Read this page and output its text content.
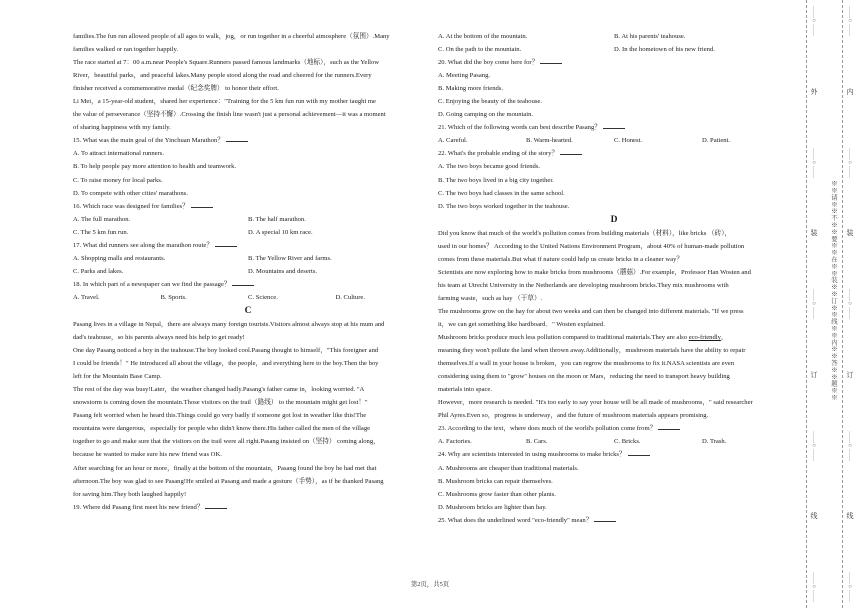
families.The fun run allowed people of all ages to walk，jog，or run together in a cheerful atmosphere（氛围）.Many
families walked or ran together happily.
The race started at 7：00 a.m.near People's Square.Runners passed famous landmarks（地标），such as the Yellow
River，beautiful parks，and peaceful lakes.Many people stood along the road and cheered for the runners.Every
finisher received a commemorative medal（纪念奖牌） to honor their effort.
Li Mei，a 15-year-old student，shared her experience："Training for the 5 km fun run with my mother taught me
the value of perseverance（坚持不懈）.Crossing the finish line wasn't just a personal achievement—it was a moment
of sharing happiness with my family.
15. What was the main goal of the Yinchuan Marathon？
A. To attract international runners.
B. To help people pay more attention to health and teamwork.
C. To raise money for local parks.
D. To compete with other cities' marathons.
16. Which race was designed for families？
A. The full marathon.	B. The half marathon.
C. The 5 km fun run.	D. A special 10 km race.
17. What did runners see along the marathon route？
A. Shopping malls and restaurants.	B. The Yellow River and farms.
C. Parks and lakes.	D. Mountains and deserts.
18. In which part of a newspaper can we find the passage？
A. Travel.	B. Sports.	C. Science.	D. Culture.
C
Pasang lives in a village in Nepal，there are always many foreign tourists.Visitors almost always stop at his mum and
dad's teahouse，so his parents always need his help to get ready!
One day Pasang noticed a boy in the teahouse.The boy looked cool.Pasang thought to himself，"This foreigner and
I could be friends！" He introduced all about the village，the people，and everything here to the boy.Then the boy
left for the Mountain Base Camp.
The rest of the day was busy!Later，the weather changed badly.Pasang's father came in，looking worried. "A
snowstorm is coming down the mountain.Those visitors on the trail（路线） to the mountain might get lost！"
Pasang felt worried when he heard this.Things could go very badly if someone got lost in weather like this!The
mountains were dangerous，especially for people who didn't know there.His father called the men of the village
together to go and make sure that the visitors on the trail were all right.Pasang insisted on（坚持） coming along，
because he wanted to make sure his new friend was OK.
After searching for an hour or more，finally at the bottom of the mountain，Pasang found the boy he had met that
afternoon.The boy was glad to see Pasang!He smiled at Pasang and made a gesture（手势），as if he thanked Pasang
for saving him.They both laughed happily!
19. Where did Pasang first meet his new friend？
A. At the bottom of the mountain.	B. At his parents' teahouse.
C. On the path to the mountain.	D. In the hometown of his new friend.
20. What did the boy come here for？
A. Meeting Pasang.
B. Making more friends.
C. Enjoying the beauty of the teahouse.
D. Going camping on the mountain.
21. Which of the following words can best describe Pasang？
A. Careful.	B. Warm-hearted.	C. Honest.	D. Patient.
22. What's the probable ending of the story？
A. The two boys became good friends.
B. The two boys lived in a big city together.
C. The two boys had classes in the same school.
D. The two boys worked together in the teahouse.
D
Did you know that much of the world's pollution comes from building materials（材料），like bricks （砖），
used in our homes？ According to the United Nations Environment Program，about 40% of human-made pollution
comes from these materials.But what if nature could help us create bricks in a cleaner way？
Scientists are now exploring how to make bricks from mushrooms（蘑菇）.For example，Professor Han Wosten and
his team at Utrecht University in the Netherlands are developing mushroom bricks.They mix mushrooms with
farming waste，such as hay （干草）.
The mushrooms grow on the hay for about two weeks and can then be changed into different materials. "If we press
it，we can get something like hardboard．" Wosten explained.
Mushroom bricks produce much less pollution compared to traditional materials.They are also eco-friendly，
meaning they won't pollute the land when thrown away.Additionally，mushroom materials have the ability to repair
themselves.If a wall in your house is broken，you can regrow the mushrooms to fix it.NASA scientists are even
considering using them to "grow" houses on the moon or Mars，reducing the need to transport heavy building
materials into space.
However，more research is needed. "It's too early to say your house will be all made of mushrooms，" said researcher
Phil Ayres.Even so，progress is underway，and the future of mushroom materials appears promising.
23. According to the text，where does much of the world's pollution come from？
A. Factories.	B. Cars.	C. Bricks.	D. Trash.
24. Why are scientists interested in using mushrooms to make bricks？
A. Mushrooms are cheaper than traditional materials.
B. Mushroom bricks can repair themselves.
C. Mushrooms grow faster than other plants.
D. Mushroom bricks are lighter than hay.
25. What does the underlined word "eco-friendly" mean？
第2页，共5页
……○……
外
……○……
装
……○……
订
……○……
线
……○……
※※请※※不※※要※※在※※装※※订※※线※※内※※答※※题※※
……○……
内
……○……
装
……○……
订
……○……
线
……○……
